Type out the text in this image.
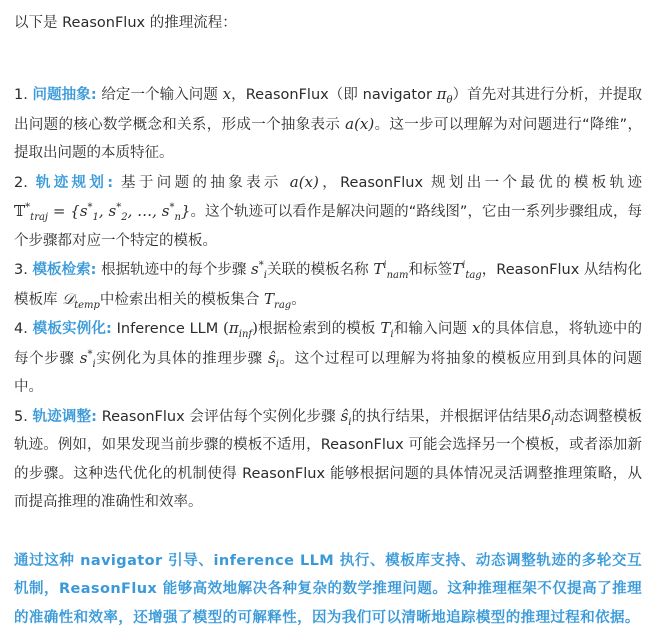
以下是 ReasonFlux 的推理流程：

1. 问题抽象: 给定一个输入问题 x，ReasonFlux（即 navigator $\pi_\theta$）首先对其进行分析，并提取出问题的核心数学概念和关系，形成一个抽象表示 a(x)。这一步可以理解为对问题进行“降维”，提取出问题的本质特征。

2. 轨迹规划: 基于问题的抽象表示 a(x)，ReasonFlux 规划出一个最优的模板轨迹 𝕋*$_{traj}$ = {$s^*_1$, $s^*_2$, …, $s^*_n$}。这个轨迹可以看作是解决问题的“路线图”，它由一系列步骤组成，每个步骤都对应一个特定的模板。

3. 模板检索: 根据轨迹中的每个步骤 $s^*_i$关联的模板名称 $T^i_{nam}$和标签$T^i_{tag}$，ReasonFlux 从结构化模板库 𝒟$_{temp}$中检索出相关的模板集合 $T_{rag}$。

4. 模板实例化: Inference LLM $(\pi_{inf})$根据检索到的模板 $T_i$和输入问题 x的具体信息，将轨迹中的每个步骤 $s^*_i$实例化为具体的推理步骤 $ŝ_i$。这个过程可以理解为将抽象的模板应用到具体的问题中。

5. 轨迹调整: ReasonFlux 会评估每个实例化步骤 $ŝ_i$的执行结果，并根据评估结果$\delta_i$动态调整模板轨迹。例如，如果发现当前步骤的模板不适用，ReasonFlux 可能会选择另一个模板，或者添加新的步骤。这种迭代优化的机制使得 ReasonFlux 能够根据问题的具体情况灵活调整推理策略，从而提高推理的准确性和效率。

通过这种 navigator 引导、inference LLM 执行、模板库支持、动态调整轨迹的多轮交互机制，ReasonFlux 能够高效地解决各种复杂的数学推理问题。这种推理框架不仅提高了推理的准确性和效率，还增强了模型的可解释性，因为我们可以清晰地追踪模型的推理过程和依据。
